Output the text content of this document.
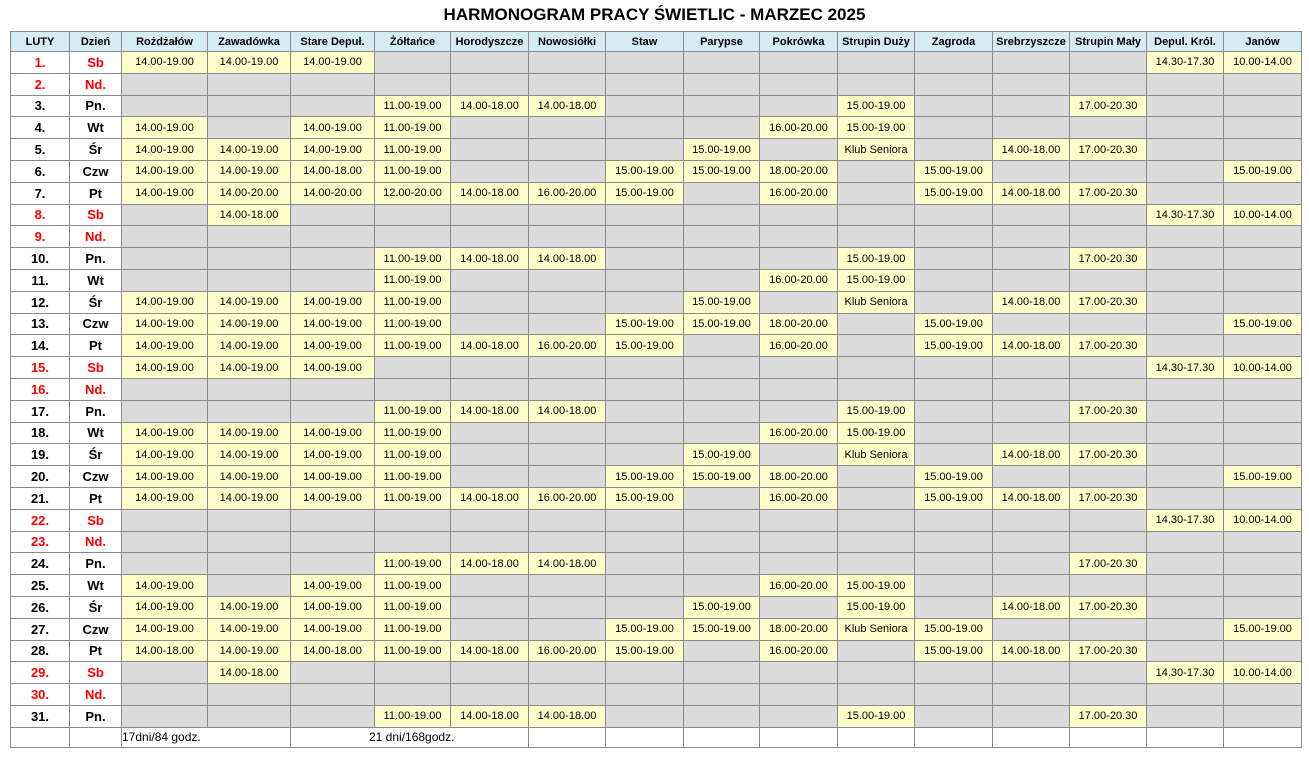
HARMONOGRAM PRACY ŚWIETLIC - MARZEC 2025
LUTY	Dzień	Rożdżałów	Zawadówka	Stare Depuł.	Żółtańce	Horodyszcze	Nowosiółki	Staw	Parypse	Pokrówka	Strupin Duży	Zagroda	Srebrzyszcze	Strupin Mały	Depul. Król.	Janów
1.	Sb	14.00-19.00	14.00-19.00	14.00-19.00											14.30-17.30	10.00-14.00
2.	Nd.															
3.	Pn.				11.00-19.00	14.00-18.00	14.00-18.00				15.00-19.00			17.00-20.30		
4.	Wt	14.00-19.00		14.00-19.00	11.00-19.00					16.00-20.00	15.00-19.00					
5.	Śr	14.00-19.00	14.00-19.00	14.00-19.00	11.00-19.00				15.00-19.00		Klub Seniora		14.00-18.00	17.00-20.30		
6.	Czw	14.00-19.00	14.00-19.00	14.00-18.00	11.00-19.00			15.00-19.00	15.00-19.00	18.00-20.00		15.00-19.00				15.00-19.00
7.	Pt	14.00-19.00	14.00-20.00	14.00-20.00	12.00-20.00	14.00-18.00	16.00-20.00	15.00-19.00		16.00-20.00		15.00-19.00	14.00-18.00	17.00-20.30		
8.	Sb		14.00-18.00												14.30-17.30	10.00-14.00
9.	Nd.															
10.	Pn.				11.00-19.00	14.00-18.00	14.00-18.00				15.00-19.00			17.00-20.30		
11.	Wt				11.00-19.00					16.00-20.00	15.00-19.00					
12.	Śr	14.00-19.00	14.00-19.00	14.00-19.00	11.00-19.00				15.00-19.00		Klub Seniora		14.00-18.00	17.00-20.30		
13.	Czw	14.00-19.00	14.00-19.00	14.00-19.00	11.00-19.00			15.00-19.00	15.00-19.00	18.00-20.00		15.00-19.00				15.00-19.00
14.	Pt	14.00-19.00	14.00-19.00	14.00-19.00	11.00-19.00	14.00-18.00	16.00-20.00	15.00-19.00		16.00-20.00		15.00-19.00	14.00-18.00	17.00-20.30		
15.	Sb	14.00-19.00	14.00-19.00	14.00-19.00											14.30-17.30	10.00-14.00
16.	Nd.															
17.	Pn.				11.00-19.00	14.00-18.00	14.00-18.00				15.00-19.00			17.00-20.30		
18.	Wt	14.00-19.00	14.00-19.00	14.00-19.00	11.00-19.00					16.00-20.00	15.00-19.00					
19.	Śr	14.00-19.00	14.00-19.00	14.00-19.00	11.00-19.00				15.00-19.00		Klub Seniora		14.00-18.00	17.00-20.30		
20.	Czw	14.00-19.00	14.00-19.00	14.00-19.00	11.00-19.00			15.00-19.00	15.00-19.00	18.00-20.00		15.00-19.00				15.00-19.00
21.	Pt	14.00-19.00	14.00-19.00	14.00-19.00	11.00-19.00	14.00-18.00	16.00-20.00	15.00-19.00		16.00-20.00		15.00-19.00	14.00-18.00	17.00-20.30		
22.	Sb														14.30-17.30	10.00-14.00
23.	Nd.															
24.	Pn.				11.00-19.00	14.00-18.00	14.00-18.00							17.00-20.30		
25.	Wt	14.00-19.00		14.00-19.00	11.00-19.00					16.00-20.00	15.00-19.00					
26.	Śr	14.00-19.00	14.00-19.00	14.00-19.00	11.00-19.00				15.00-19.00		15.00-19.00		14.00-18.00	17.00-20.30		
27.	Czw	14.00-19.00	14.00-19.00	14.00-19.00	11.00-19.00			15.00-19.00	15.00-19.00	18.00-20.00	Klub Seniora	15.00-19.00				15.00-19.00
28.	Pt	14.00-18.00	14.00-19.00	14.00-18.00	11.00-19.00	14.00-18.00	16.00-20.00	15.00-19.00		16.00-20.00		15.00-19.00	14.00-18.00	17.00-20.30		
29.	Sb		14.00-18.00												14.30-17.30	10.00-14.00
30.	Nd.															
31.	Pn.				11.00-19.00	14.00-18.00	14.00-18.00				15.00-19.00			17.00-20.30		
		17dni/84 godz.		21 dni/168godz.												
